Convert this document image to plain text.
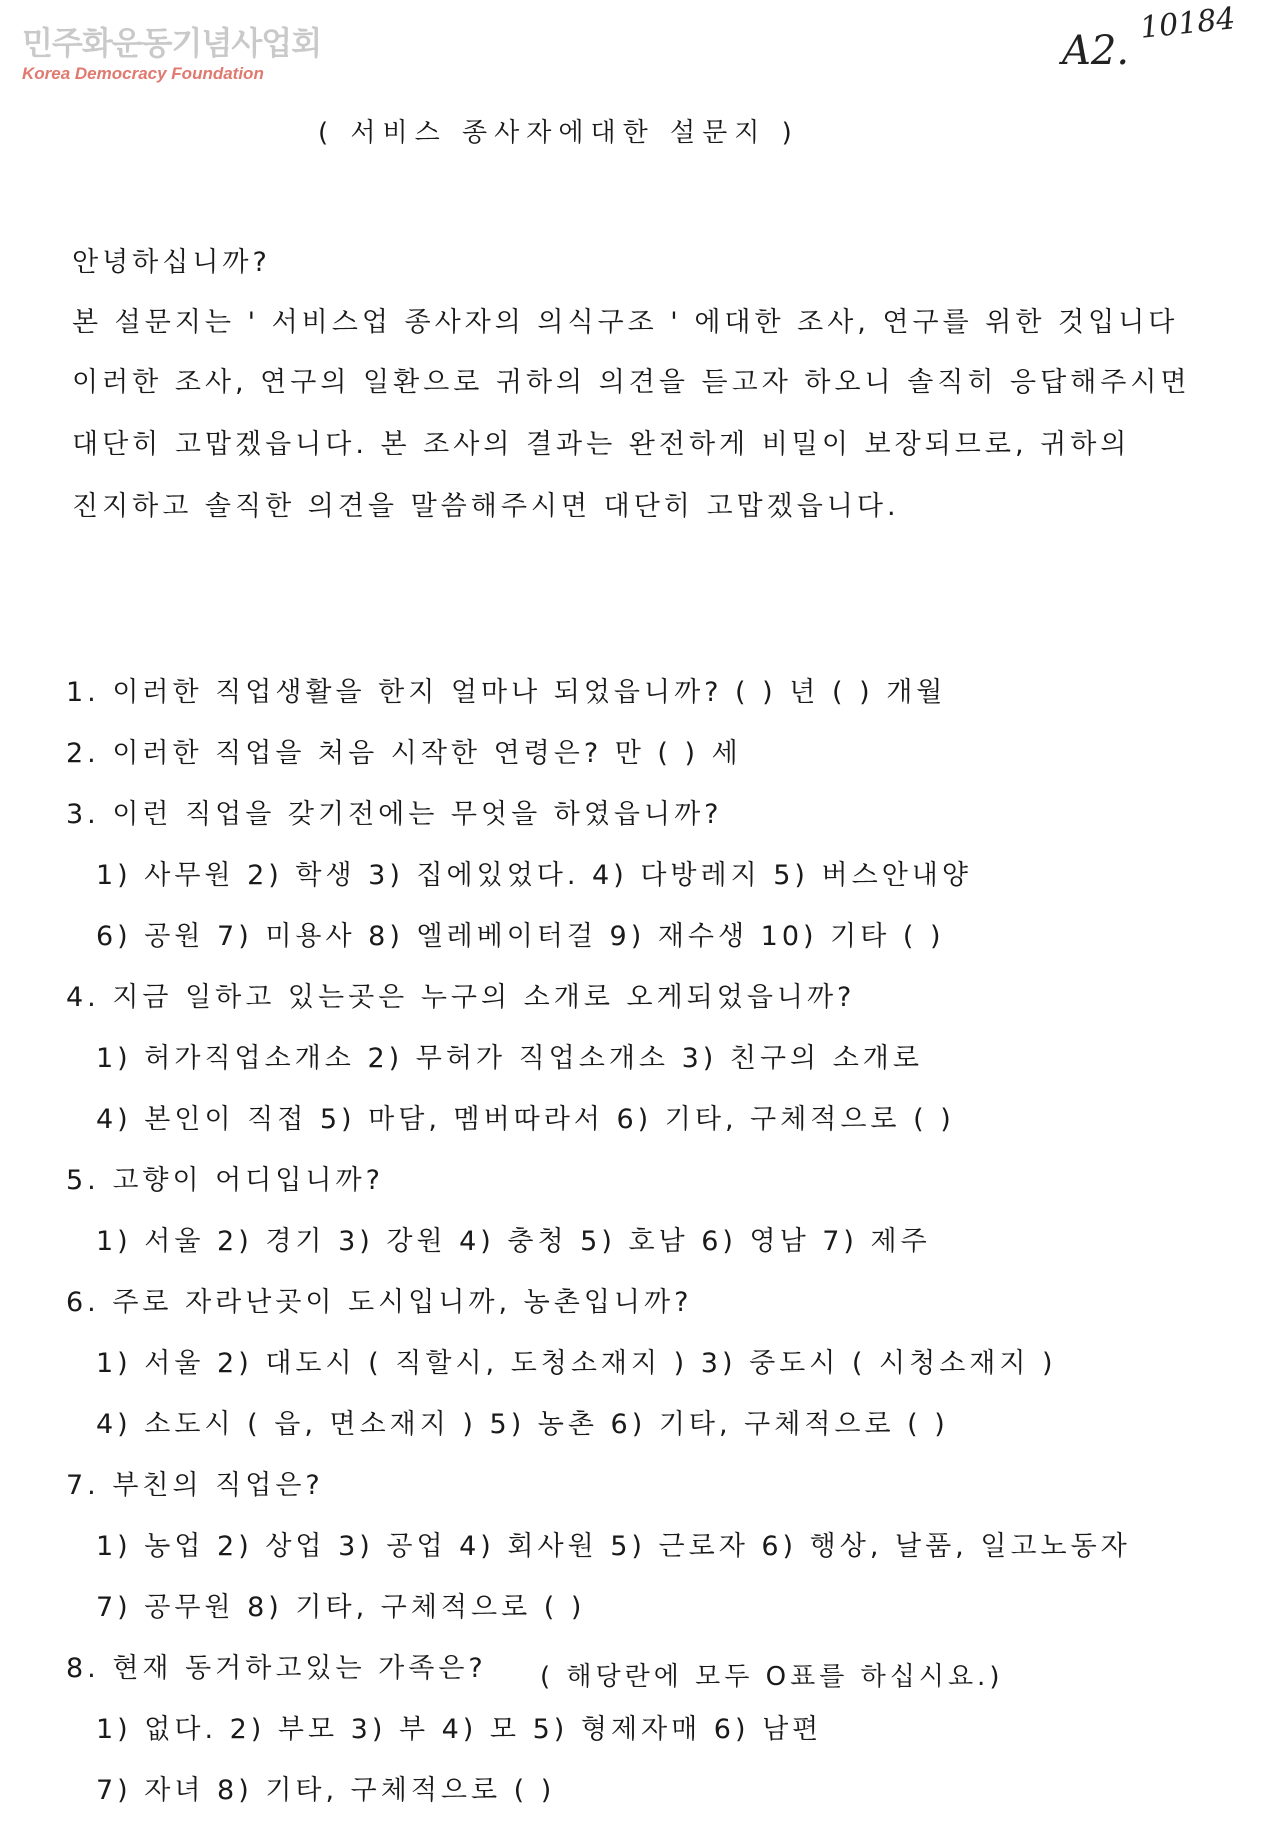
민주화운동기념사업회
Korea Democracy Foundation	A2.
10184
( 서비스 종사자에대한 설문지 )
안녕하십니까?
본 설문지는 ' 서비스업 종사자의 의식구조 ' 에대한 조사, 연구를 위한 것입니다
이러한 조사, 연구의 일환으로 귀하의 의견을 듣고자 하오니 솔직히 응답해주시면
대단히 고맙겠읍니다. 본 조사의 결과는 완전하게 비밀이 보장되므로, 귀하의
진지하고 솔직한 의견을 말씀해주시면 대단히 고맙겠읍니다.
1. 이러한 직업생활을 한지 얼마나 되었읍니까? ( ) 년 ( ) 개월
2. 이러한 직업을 처음 시작한 연령은? 만 ( ) 세
3. 이런 직업을 갖기전에는 무엇을 하였읍니까?
1) 사무원 2) 학생 3) 집에있었다. 4) 다방레지 5) 버스안내양
6) 공원 7) 미용사 8) 엘레베이터걸 9) 재수생 10) 기타 ( )
4. 지금 일하고 있는곳은 누구의 소개로 오게되었읍니까?
1) 허가직업소개소 2) 무허가 직업소개소 3) 친구의 소개로
4) 본인이 직접 5) 마담, 멤버따라서 6) 기타, 구체적으로 ( )
5. 고향이 어디입니까?
1) 서울 2) 경기 3) 강원 4) 충청 5) 호남 6) 영남 7) 제주
6. 주로 자라난곳이 도시입니까, 농촌입니까?
1) 서울 2) 대도시 ( 직할시, 도청소재지 ) 3) 중도시 ( 시청소재지 )
4) 소도시 ( 읍, 면소재지 ) 5) 농촌 6) 기타, 구체적으로 ( )
7. 부친의 직업은?
1) 농업 2) 상업 3) 공업 4) 회사원 5) 근로자 6) 행상, 날품, 일고노동자
7) 공무원 8) 기타, 구체적으로 ( )
8. 현재 동거하고있는 가족은? ( 해당란에 모두 O표를 하십시요.)
1) 없다. 2) 부모 3) 부 4) 모 5) 형제자매 6) 남편
7) 자녀 8) 기타, 구체적으로 ( )
